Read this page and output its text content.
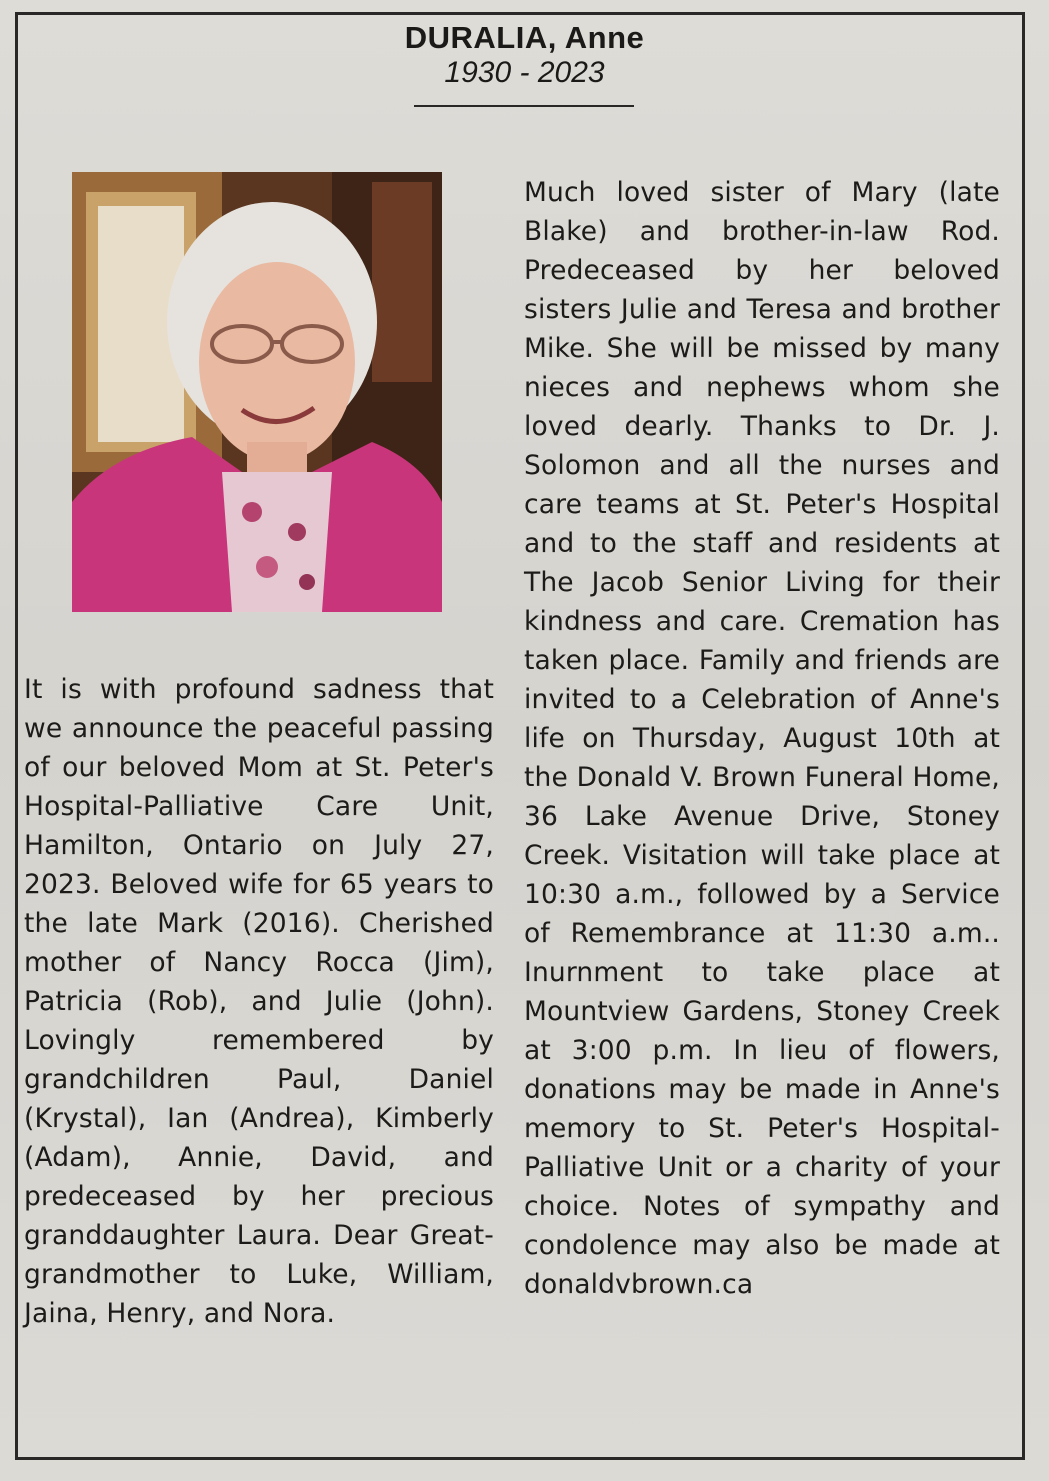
DURALIA, Anne

1930 - 2023

It is with profound sadness that we announce the peaceful passing of our beloved Mom at St. Peter's Hospital-Palliative Care Unit, Hamilton, Ontario on July 27, 2023. Beloved wife for 65 years to the late Mark (2016). Cherished mother of Nancy Rocca (Jim), Patricia (Rob), and Julie (John). Lovingly remembered by grandchildren Paul, Daniel (Krystal), Ian (Andrea), Kimberly (Adam), Annie, David, and predeceased by her precious granddaughter Laura. Dear Great-grandmother to Luke, William, Jaina, Henry, and Nora.
Much loved sister of Mary (late Blake) and brother-in-law Rod. Predeceased by her beloved sisters Julie and Teresa and brother Mike. She will be missed by many nieces and nephews whom she loved dearly. Thanks to Dr. J. Solomon and all the nurses and care teams at St. Peter's Hospital and to the staff and residents at The Jacob Senior Living for their kindness and care. Cremation has taken place. Family and friends are invited to a Celebration of Anne's life on Thursday, August 10th at the Donald V. Brown Funeral Home, 36 Lake Avenue Drive, Stoney Creek. Visitation will take place at 10:30 a.m., followed by a Service of Remembrance at 11:30 a.m.. Inurnment to take place at Mountview Gardens, Stoney Creek at 3:00 p.m. In lieu of flowers, donations may be made in Anne's memory to St. Peter's Hospital-Palliative Unit or a charity of your choice. Notes of sympathy and condolence may also be made at donaldvbrown.ca
